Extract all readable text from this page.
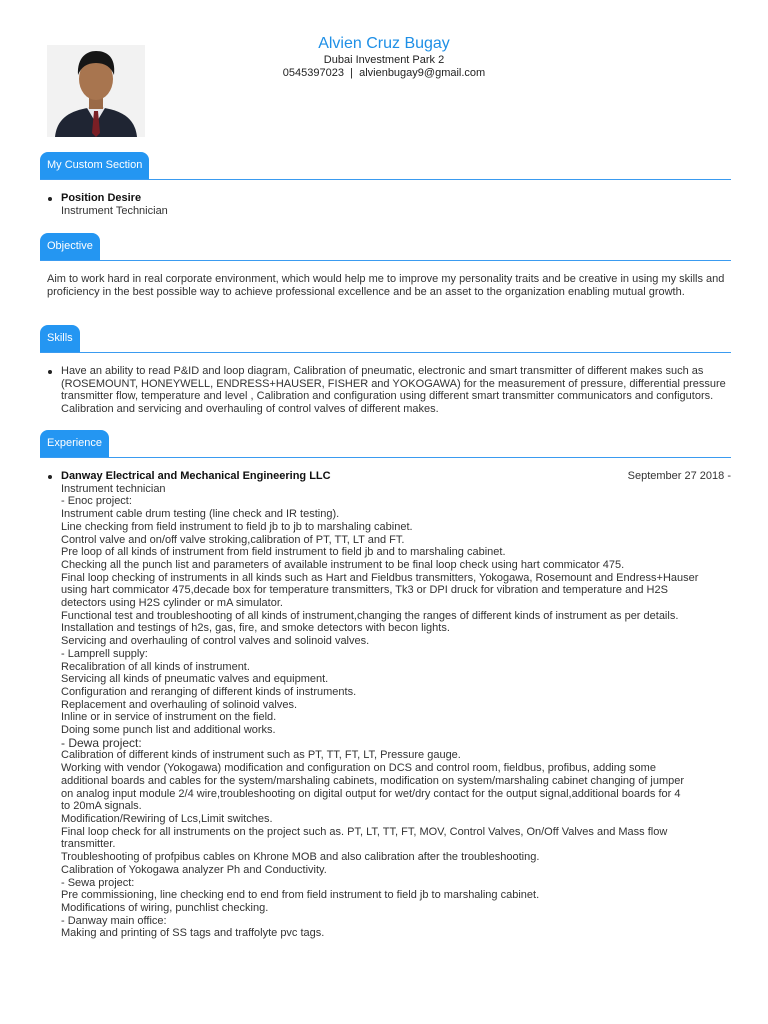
Alvien Cruz Bugay
Dubai Investment Park 2
0545397023 | alvienbugay9@gmail.com
My Custom Section
Position Desire
Instrument Technician
Objective
Aim to work hard in real corporate environment, which would help me to improve my personality traits and be creative in using my skills and proficiency in the best possible way to achieve professional excellence and be an asset to the organization enabling mutual growth.
Skills
Have an ability to read P&ID and loop diagram, Calibration of pneumatic, electronic and smart transmitter of different makes such as (ROSEMOUNT, HONEYWELL, ENDRESS+HAUSER, FISHER and YOKOGAWA) for the measurement of pressure, differential pressure transmitter flow, temperature and level , Calibration and configuration using different smart transmitter communicators and configutors. Calibration and servicing and overhauling of control valves of different makes.
Experience
Danway Electrical and Mechanical Engineering LLC	September 27 2018 -
Instrument technician
- Enoc project:
Instrument cable drum testing (line check and IR testing).
Line checking from field instrument to field jb to jb to marshaling cabinet.
Control valve and on/off valve stroking,calibration of PT, TT, LT and FT.
Pre loop of all kinds of instrument from field instrument to field jb and to marshaling cabinet.
Checking all the punch list and parameters of available instrument to be final loop check using hart commicator 475.
Final loop checking of instruments in all kinds such as Hart and Fieldbus transmitters, Yokogawa, Rosemount and Endress+Hauser
using hart commicator 475,decade box for temperature transmitters, Tk3 or DPI druck for vibration and temperature and H2S
detectors using H2S cylinder or mA simulator.
Functional test and troubleshooting of all kinds of instrument,changing the ranges of different kinds of instrument as per details.
Installation and testings of h2s, gas, fire, and smoke detectors with becon lights.
Servicing and overhauling of control valves and solinoid valves.
- Lamprell supply:
Recalibration of all kinds of instrument.
Servicing all kinds of pneumatic valves and equipment.
Configuration and reranging of different kinds of instruments.
Replacement and overhauling of solinoid valves.
Inline or in service of instrument on the field.
Doing some punch list and additional works.
- Dewa project:
Calibration of different kinds of instrument such as PT, TT, FT, LT, Pressure gauge.
Working with vendor (Yokogawa) modification and configuration on DCS and control room, fieldbus, profibus, adding some
additional boards and cables for the system/marshaling cabinets, modification on system/marshaling cabinet changing of jumper
on analog input module 2/4 wire,troubleshooting on digital output for wet/dry contact for the output signal,additional boards for 4
to 20mA signals.
Modification/Rewiring of Lcs,Limit switches.
Final loop check for all instruments on the project such as. PT, LT, TT, FT, MOV, Control Valves, On/Off Valves and Mass flow
transmitter.
Troubleshooting of profpibus cables on Khrone MOB and also calibration after the troubleshooting.
Calibration of Yokogawa analyzer Ph and Conductivity.
- Sewa project:
Pre commissioning, line checking end to end from field instrument to field jb to marshaling cabinet.
Modifications of wiring, punchlist checking.
- Danway main office:
Making and printing of SS tags and traffolyte pvc tags.
